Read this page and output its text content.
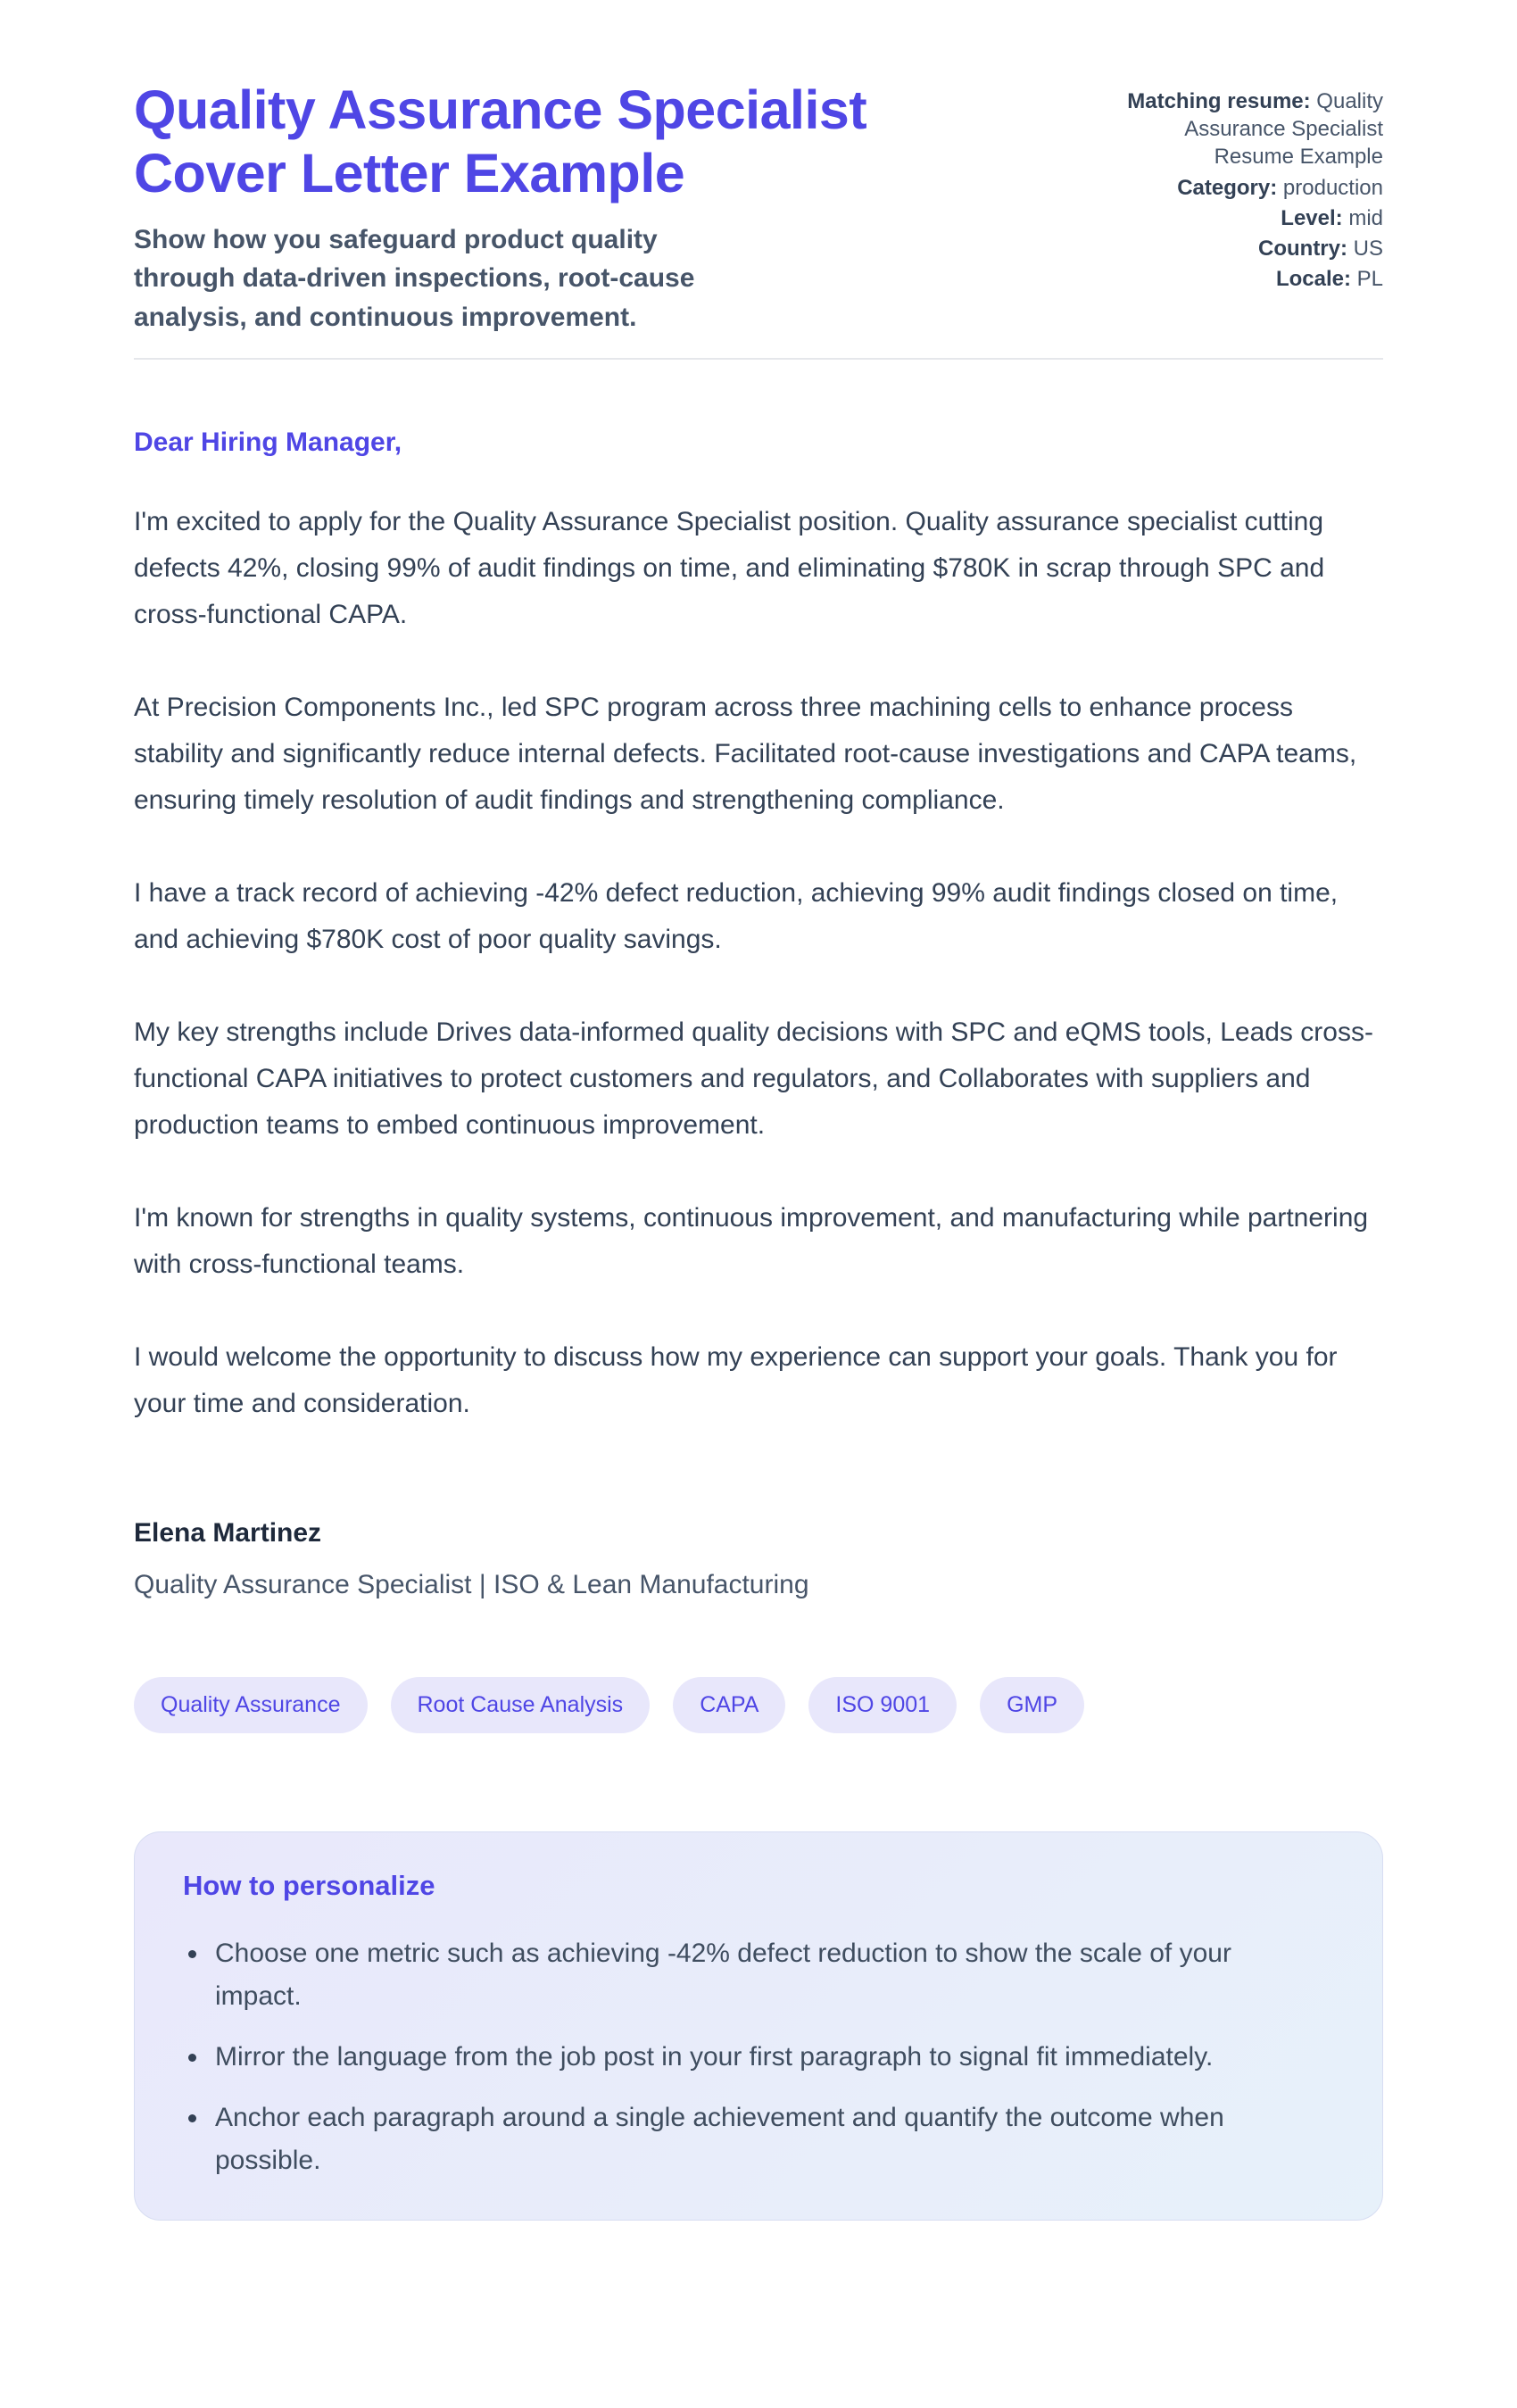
Quality Assurance Specialist Cover Letter Example

Show how you safeguard product quality through data-driven inspections, root-cause analysis, and continuous improvement.

Matching resume: Quality Assurance Specialist Resume Example
Category: production
Level: mid
Country: US
Locale: PL

Dear Hiring Manager,

I'm excited to apply for the Quality Assurance Specialist position. Quality assurance specialist cutting defects 42%, closing 99% of audit findings on time, and eliminating $780K in scrap through SPC and cross-functional CAPA.

At Precision Components Inc., led SPC program across three machining cells to enhance process stability and significantly reduce internal defects. Facilitated root-cause investigations and CAPA teams, ensuring timely resolution of audit findings and strengthening compliance.

I have a track record of achieving -42% defect reduction, achieving 99% audit findings closed on time, and achieving $780K cost of poor quality savings.

My key strengths include Drives data-informed quality decisions with SPC and eQMS tools, Leads cross-functional CAPA initiatives to protect customers and regulators, and Collaborates with suppliers and production teams to embed continuous improvement.

I'm known for strengths in quality systems, continuous improvement, and manufacturing while partnering with cross-functional teams.

I would welcome the opportunity to discuss how my experience can support your goals. Thank you for your time and consideration.

Elena Martinez
Quality Assurance Specialist | ISO & Lean Manufacturing
Quality Assurance	Root Cause Analysis	CAPA	ISO 9001	GMP
How to personalize
Choose one metric such as achieving -42% defect reduction to show the scale of your impact.
Mirror the language from the job post in your first paragraph to signal fit immediately.
Anchor each paragraph around a single achievement and quantify the outcome when possible.
